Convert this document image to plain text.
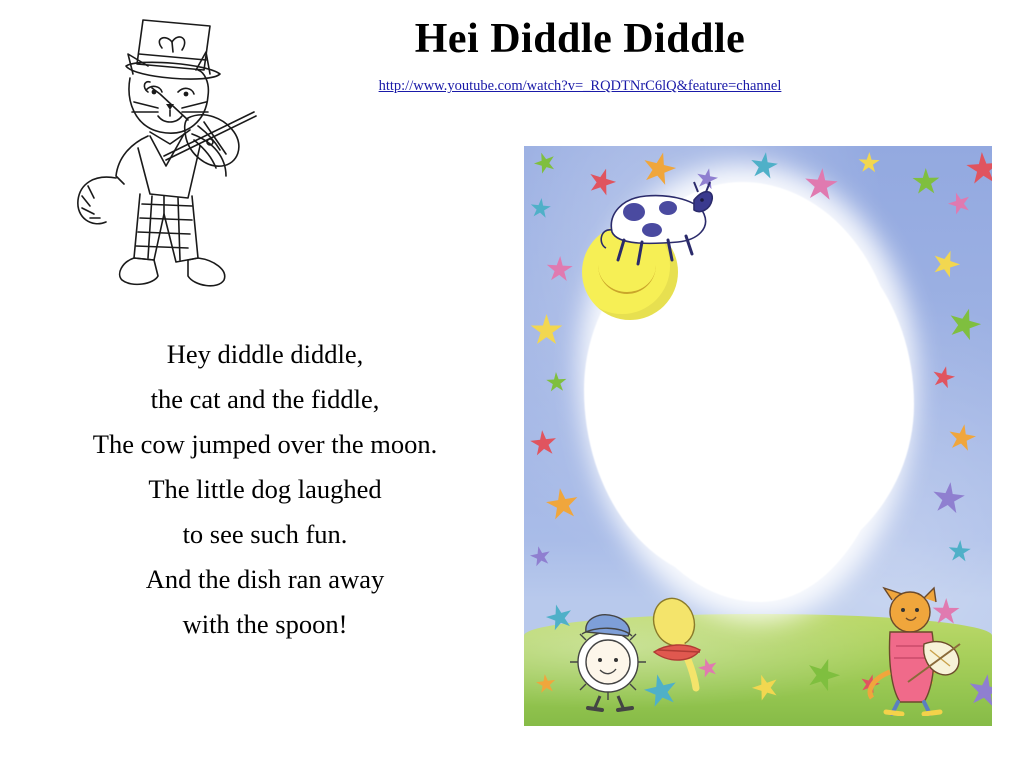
Hei Diddle Diddle
http://www.youtube.com/watch?v=_RQDTNrC6lQ&feature=channel
Hey diddle diddle,
the cat and the fiddle,
The cow jumped over the moon.
The little dog laughed
to see such fun.
And the dish ran away
with the spoon!
